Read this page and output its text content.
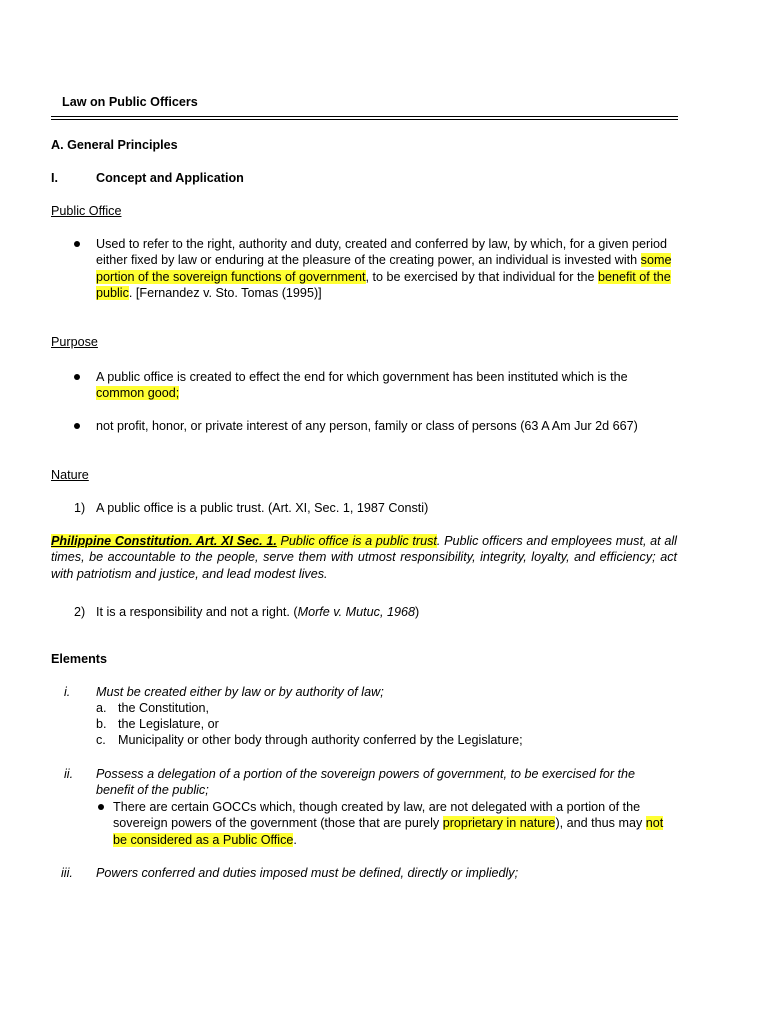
Law on Public Officers
A. General Principles
I.	Concept and Application
Public Office
Used to refer to the right, authority and duty, created and conferred by law, by which, for a given period either fixed by law or enduring at the pleasure of the creating power, an individual is invested with some portion of the sovereign functions of government, to be exercised by that individual for the benefit of the public. [Fernandez v. Sto. Tomas (1995)]
Purpose
A public office is created to effect the end for which government has been instituted which is the common good;
not profit, honor, or private interest of any person, family or class of persons (63 A Am Jur 2d 667)
Nature
1) A public office is a public trust. (Art. XI, Sec. 1, 1987 Consti)
Philippine Constitution. Art. XI Sec. 1. Public office is a public trust. Public officers and employees must, at all times, be accountable to the people, serve them with utmost responsibility, integrity, loyalty, and efficiency; act with patriotism and justice, and lead modest lives.
2) It is a responsibility and not a right. (Morfe v. Mutuc, 1968)
Elements
i. Must be created either by law or by authority of law;
a. the Constitution,
b. the Legislature, or
c. Municipality or other body through authority conferred by the Legislature;
ii. Possess a delegation of a portion of the sovereign powers of government, to be exercised for the benefit of the public;
There are certain GOCCs which, though created by law, are not delegated with a portion of the sovereign powers of the government (those that are purely proprietary in nature), and thus may not be considered as a Public Office.
iii. Powers conferred and duties imposed must be defined, directly or impliedly;
